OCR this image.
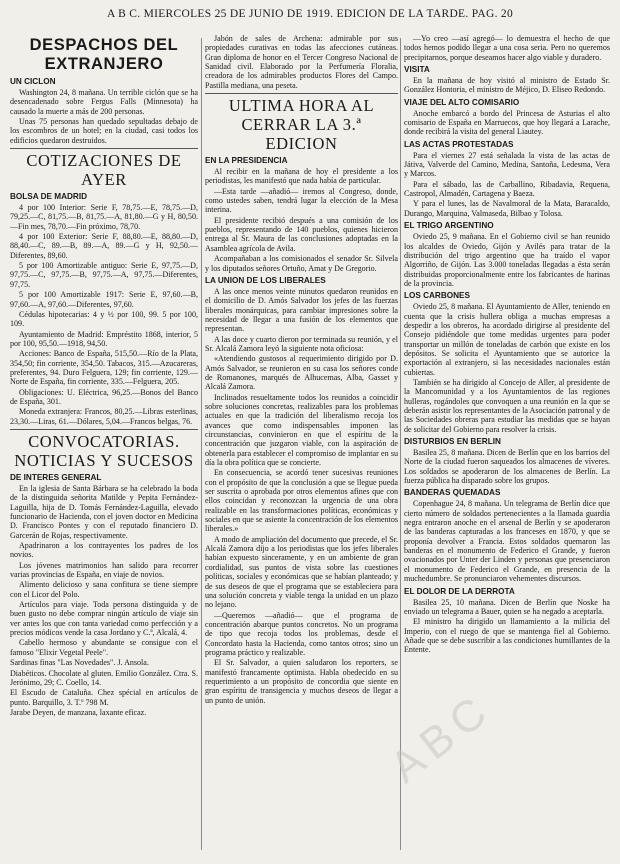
A B C. MIERCOLES 25 DE JUNIO DE 1919. EDICION DE LA TARDE. PAG. 20
DESPACHOS DEL EXTRANJERO
UN CICLON

Washington 24, 8 mañana. Un terrible ciclón que se ha desencadenado sobre Fergus Falls (Minnesota) ha causado la muerte a más de 200 personas.

Unas 75 personas han quedado sepultadas debajo de los escombros de un hotel; en la ciudad, casi todos los edificios quedaron destruidos.

COTIZACIONES DE AYER
BOLSA DE MADRID

4 por 100 Interior: Serie F, 78,75.—E, 78,75.—D, 79,25.—C, 81,75.—B, 81,75.—A, 81,80.—G y H, 80,50.—Fin mes, 78,70.—Fin próximo, 78,70.

4 por 100 Exterior: Serie F, 88,80.—E, 88,80.—D, 88,40.—C, 89.—B, 89.—A, 89.—G y H, 92,50.—Diferentes, 89,60.

5 por 100 Amortizable antiguo: Serie E, 97,75.—D, 97,75.—C, 97,75.—B, 97,75.—A, 97,75.—Diferentes, 97,75.

5 por 100 Amortizable 1917: Serie E, 97,60.—B, 97,60.—A, 97,60.—Diferentes, 97,60.

Cédulas hipotecarias: 4 y ½ por 100, 99. 5 por 100, 109.

Ayuntamiento de Madrid: Empréstito 1868, interior, 5 por 100, 95,50.—1918, 94,50.

Acciones: Banco de España, 515,50.—Río de la Plata, 354,50; fin corriente, 354,50. Tabacos, 315.—Azucareras, preferentes, 94. Duro Felguera, 129; fin corriente, 129.—Norte de España, fin corriente, 335.—Felguera, 205.

Obligaciones: U. Eléctrica, 96,25.—Bonos del Banco de España, 301.

Moneda extranjera: Francos, 80,25.—Libras esterlinas, 23,30.—Liras, 61.—Dólares, 5,04.—Francos belgas, 76.

CONVOCATORIAS. NOTICIAS Y SUCESOS
DE INTERES GENERAL

En la iglesia de Santa Bárbara se ha celebrado la boda de la distinguida señorita Matilde y Pepita Fernández-Laguilla, hija de D. Tomás Fernández-Laguilla, elevado funcionario de Hacienda, con el joven doctor en Medicina D. Francisco Pontes y con el reputado financiero D. Garcerán de Rojas, respectivamente.

Apadrinaron a los contrayentes los padres de los novios.

Los jóvenes matrimonios han salido para recorrer varias provincias de España, en viaje de novios.

Alimento delicioso y sana confitura se tiene siempre con el Licor del Polo.

Artículos para viaje. Toda persona distinguida y de buen gusto no debe comprar ningún artículo de viaje sin ver antes los que con tanta variedad como perfección y a precios módicos vende la casa Jordano y C.ª, Alcalá, 4.

Cabello hermoso y abundante se consigue con el famoso "Elixir Vegetal Peele".

Sardinas finas "Las Novedades". J. Ansola.

Diabéticos. Chocolate al gluten. Emilio González. Ctra. S. Jerónimo, 29; C. Coello, 14.

El Escudo de Cataluña. Chez spécial en artículos de punto. Barquillo, 3. T.º 798 M.

Jarabe Deyen, de manzana, laxante eficaz.

Jabón de sales de Archena: admirable por sus propiedades curativas en todas las afecciones cutáneas. Gran diploma de honor en el Tercer Congreso Nacional de Sanidad civil. Elaborado por la Perfumería Floralia, creadora de los admirables productos Flores del Campo. Pastilla mediana, una peseta.

ULTIMA HORA AL CERRAR LA 3.ª EDICION
EN LA PRESIDENCIA

Al recibir en la mañana de hoy el presidente a los periodistas, les manifestó que nada había de particular.

—Esta tarde —añadió— iremos al Congreso, donde, como ustedes saben, tendrá lugar la elección de la Mesa interina.

El presidente recibió después a una comisión de los pueblos, representando de 140 pueblos, quienes hicieron entrega al Sr. Maura de las conclusiones adoptadas en la Asamblea agrícola de Avila.

Acompañaban a los comisionados el senador Sr. Silvela y los diputados señores Ortuño, Amat y De Gregorio.

LA UNION DE LOS LIBERALES

A las once menos veinte minutos quedaron reunidos en el domicilio de D. Amós Salvador los jefes de las fuerzas liberales monárquicas, para cambiar impresiones sobre la necesidad de llegar a una fusión de los elementos que representan.

A las doce y cuarto dieron por terminada su reunión, y el Sr. Alcalá Zamora leyó la siguiente nota oficiosa:

«Atendiendo gustosos al requerimiento dirigido por D. Amós Salvador, se reunieron en su casa los señores conde de Romanones, marqués de Alhucemas, Alba, Gasset y Alcalá Zamora.

Inclinados resueltamente todos los reunidos a coincidir sobre soluciones concretas, realizables para los problemas actuales en que la tradición del liberalismo recoja los avances que como indispensables imponen las circunstancias, convinieron en que el espíritu de la concentración que juzgaron viable, con la aspiración de obtenerla para establecer el compromiso de implantar en su día la obra política que se concierte.

En consecuencia, se acordó tener sucesivas reuniones con el propósito de que la conclusión a que se llegue pueda ser suscrita o aprobada por otros elementos afines que con ellos coincidan y reconozcan la urgencia de una obra realizable en las transformaciones políticas, económicas y sociales en que se asiente la concentración de los elementos liberales.»

A modo de ampliación del documento que precede, el Sr. Alcalá Zamora dijo a los periodistas que los jefes liberales habían expuesto sinceramente, y en un ambiente de gran cordialidad, sus puntos de vista sobre las cuestiones políticas, sociales y económicas que se habían planteado; y de sus deseos de que el programa que se estableciera para una solución concreta y viable tenga la unidad en un plazo no lejano.

—Queremos —añadió— que el programa de concentración abarque puntos concretos. No un programa de tipo que recoja todos los problemas, desde el Concordato hasta la Hacienda, como tantos otros; sino un programa práctico y realizable.

El Sr. Salvador, a quien saludaron los reporters, se manifestó francamente optimista. Habla obedecido en su requerimiento a un propósito de concordia que siente en gran espíritu de transigencia y muchos deseos de llegar a un punto de unión.

—Yo creo —así agregó— lo demuestra el hecho de que todos hemos podido llegar a una cosa seria. Pero no queremos precipitarnos, porque deseamos hacer algo viable y duradero.

VISITA

En la mañana de hoy visitó al ministro de Estado Sr. González Hontoria, el ministro de Méjico, D. Eliseo Redondo.

VIAJE DEL ALTO COMISARIO

Anoche embarcó a bordo del Princesa de Asturias el alto comisario de España en Marruecos, que hoy llegará a Larache, donde recibirá la visita del general Liautey.

LAS ACTAS PROTESTADAS

Para el viernes 27 está señalada la vista de las actas de Játiva, Valverde del Camino, Medina, Santoña, Ledesma, Vera y Marcos.

Para el sábado, las de Carballino, Ribadavia, Requena, Castropol, Almadén, Cartagena y Baeza.

Y para el lunes, las de Navalmoral de la Mata, Baracaldo, Durango, Marquina, Valmaseda, Bilbao y Tolosa.

EL TRIGO ARGENTINO

Oviedo 25, 9 mañana. En el Gobierno civil se han reunido los alcaldes de Oviedo, Gijón y Avilés para tratar de la distribución del trigo argentino que ha traído el vapor Algorriño, de Gijón. Las 3.000 toneladas llegadas a ésta serán distribuidas proporcionalmente entre los fabricantes de harinas de la provincia.

LOS CARBONES

Oviedo 25, 8 mañana. El Ayuntamiento de Aller, teniendo en cuenta que la crisis hullera obliga a muchas empresas a despedir a los obreros, ha acordado dirigirse al presidente del Consejo pidiéndole que tome medidas urgentes para poder transportar un millón de toneladas de carbón que existe en los depósitos. Se solicita el Ayuntamiento que se autorice la exportación al extranjero, si las necesidades nacionales están cubiertas.

También se ha dirigido al Concejo de Aller, al presidente de la Mancomunidad y a los Ayuntamientos de las regiones hulleras, rogándoles que convoquen a una reunión en la que se deberán asistir los representantes de la Asociación patronal y de las Sociedades obreras para estudiar las medidas que se hayan de solicitar del Gobierno para resolver la crisis.

DISTURBIOS EN BERLIN

Basilea 25, 8 mañana. Dicen de Berlín que en los barrios del Norte de la ciudad fueron saqueados los almacenes de víveres. Los soldados se apoderaron de los almacenes de Berlín. La fuerza pública ha disparado sobre los grupos.

BANDERAS QUEMADAS

Copenhague 24, 8 mañana. Un telegrama de Berlín dice que cierto número de soldados pertenecientes a la llamada guardia negra entraron anoche en el arsenal de Berlín y se apoderaron de las banderas capturadas a los franceses en 1870, y que se proponía devolver a Francia. Estos soldados quemaron las banderas en el monumento de Federico el Grande, y fueron ovacionados por Unter der Linden y personas que presenciaron el monumento de Federico el Grande, en presencia de la muchedumbre. Se pronunciaron vehementes discursos.

EL DOLOR DE LA DERROTA

Basilea 25, 10 mañana. Dicen de Berlín que Noske ha enviado un telegrama a Bauer, quien se ha negado a aceptarla.

El ministro ha dirigido un llamamiento a la milicia del Imperio, con el ruego de que se mantenga fiel al Gobierno. Añade que se debe suscribir a las condiciones humillantes de la Entente.

ABC
